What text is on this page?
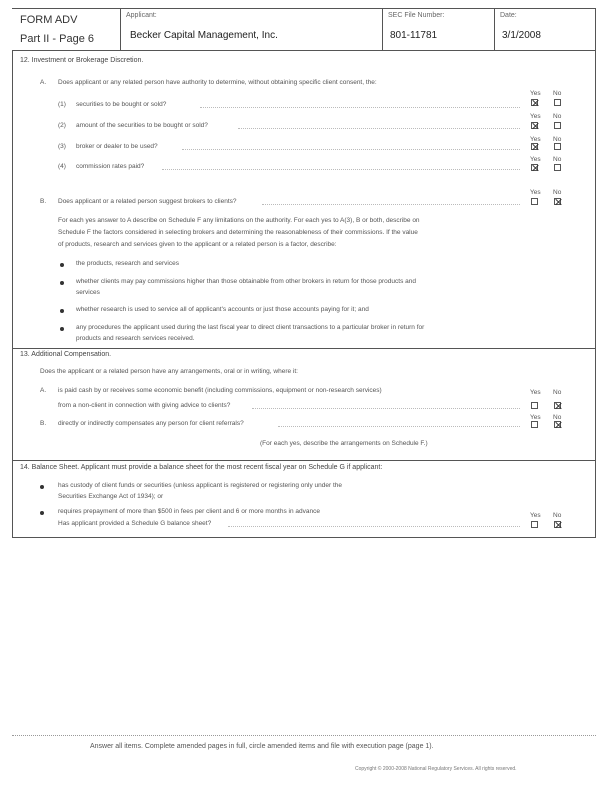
FORM ADV
Part II - Page 6
Applicant:
Becker Capital Management, Inc.
SEC File Number:
801-11781
Date:
3/1/2008
12. Investment or Brokerage Discretion.
A. Does applicant or any related person have authority to determine, without obtaining specific client consent, the:
Yes No
(1) securities to be bought or sold?
Yes No
(2) amount of the securities to be bought or sold?
Yes No
(3) broker or dealer to be used?
Yes No
(4) commission rates paid?
Yes No
B. Does applicant or a related person suggest brokers to clients?
For each yes answer to A describe on Schedule F any limitations on the authority. For each yes to A(3), B or both, describe on
Schedule F the factors considered in selecting brokers and determining the reasonableness of their commissions. If the value
of products, research and services given to the applicant or a related person is a factor, describe:
the products, research and services
whether clients may pay commissions higher than those obtainable from other brokers in return for those products and
services
whether research is used to service all of applicant's accounts or just those accounts paying for it; and
any procedures the applicant used during the last fiscal year to direct client transactions to a particular broker in return for
products and research services received.
13. Additional Compensation.
Does the applicant or a related person have any arrangements, oral or in writing, where it:
Yes No
A. is paid cash by or receives some economic benefit (including commissions, equipment or non-research services)
from a non-client in connection with giving advice to clients?
Yes No
B. directly or indirectly compensates any person for client referrals?
(For each yes, describe the arrangements on Schedule F.)
14. Balance Sheet. Applicant must provide a balance sheet for the most recent fiscal year on Schedule G if applicant:
has custody of client funds or securities (unless applicant is registered or registering only under the
Securities Exchange Act of 1934); or
requires prepayment of more than $500 in fees per client and 6 or more months in advance
Yes No
Has applicant provided a Schedule G balance sheet?
Answer all items. Complete amended pages in full, circle amended items and file with execution page (page 1).
Copyright © 2000-2008 National Regulatory Services. All rights reserved.
